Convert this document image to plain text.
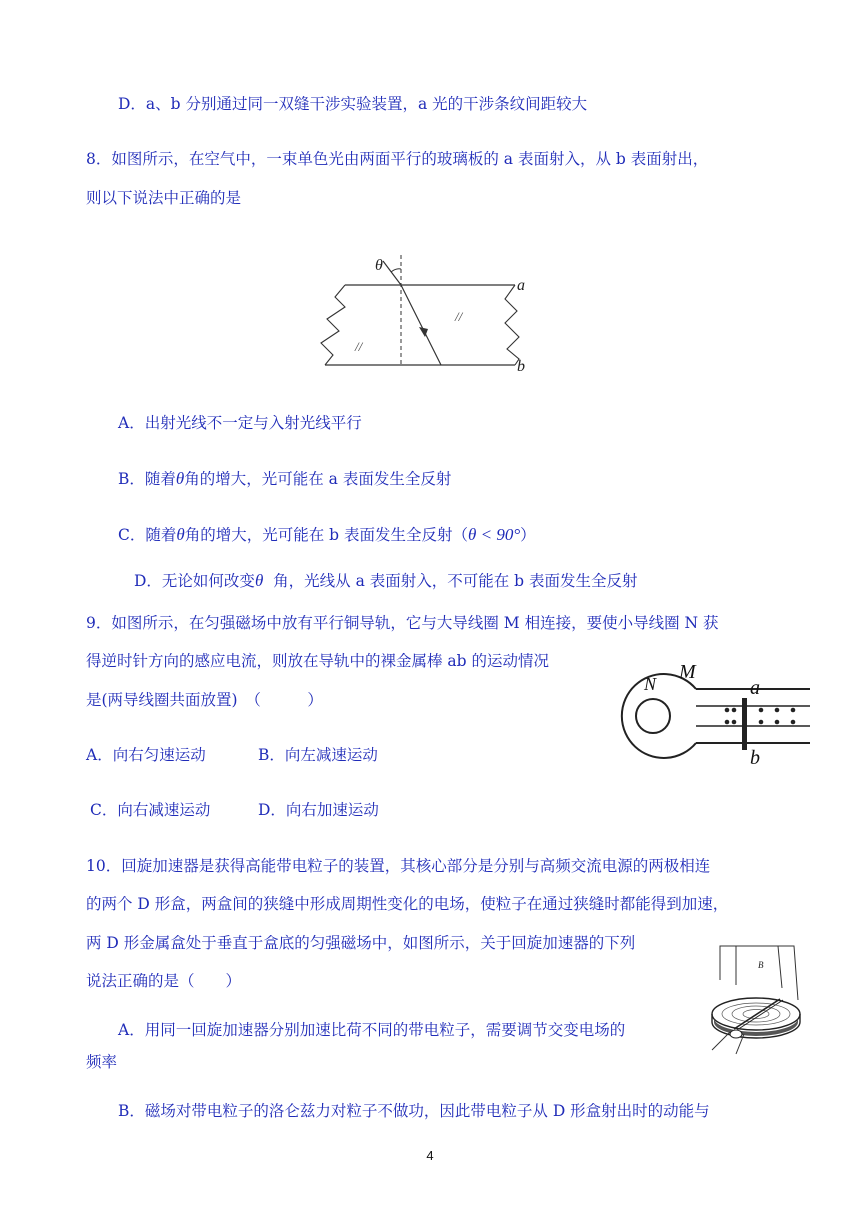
D．a、b 分别通过同一双缝干涉实验装置，a 光的干涉条纹间距较大
8．如图所示，在空气中，一束单色光由两面平行的玻璃板的 a 表面射入，从 b 表面射出，
则以下说法中正确的是
θ
a
b
//
//
A．出射光线不一定与入射光线平行
B．随着θ角的增大，光可能在 a 表面发生全反射
C．随着θ角的增大，光可能在 b 表面发生全反射（θ < 90°）
D．无论如何改变θ 角，光线从 a 表面射入，不可能在 b 表面发生全反射
9．如图所示，在匀强磁场中放有平行铜导轨，它与大导线圈 M 相连接，要使小导线圈 N 获
得逆时针方向的感应电流，则放在导轨中的裸金属棒 ab 的运动情况
是(两导线圈共面放置)　（　　　）
M
N	a
b
A．向右匀速运动	B．向左减速运动
C．向右减速运动	D．向右加速运动
10．回旋加速器是获得高能带电粒子的装置，其核心部分是分别与高频交流电源的两极相连
的两个 D 形盒，两盒间的狭缝中形成周期性变化的电场，使粒子在通过狭缝时都能得到加速，
两 D 形金属盒处于垂直于盒底的匀强磁场中，如图所示，关于回旋加速器的下列
说法正确的是（　　）
B
A．用同一回旋加速器分别加速比荷不同的带电粒子，需要调节交变电场的
频率
B．磁场对带电粒子的洛仑兹力对粒子不做功，因此带电粒子从 D 形盒射出时的动能与
4
